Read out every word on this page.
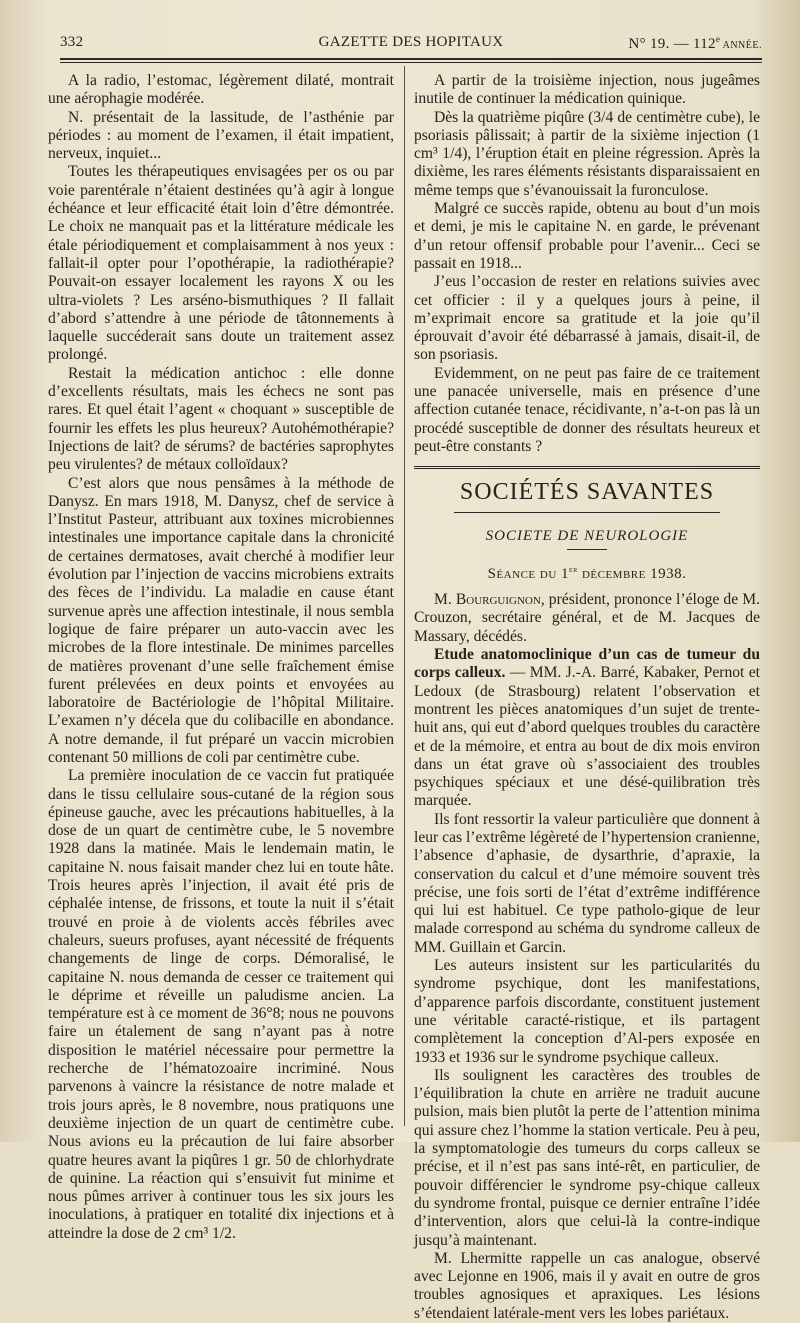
332	GAZETTE DES HOPITAUX	N° 19. — 112e ANNÉE.

A la radio, l’estomac, légèrement dilaté, montrait une aérophagie modérée.

N. présentait de la lassitude, de l’asthénie par périodes : au moment de l’examen, il était impatient, nerveux, inquiet...

Toutes les thérapeutiques envisagées per os ou par voie parentérale n’étaient destinées qu’à agir à longue échéance et leur efficacité était loin d’être démontrée. Le choix ne manquait pas et la littérature médicale les étale périodiquement et complaisamment à nos yeux : fallait-il opter pour l’opothérapie, la radiothérapie? Pouvait-on essayer localement les rayons X ou les ultra-violets ? Les arséno-bismuthiques ? Il fallait d’abord s’attendre à une période de tâtonnements à laquelle succéderait sans doute un traitement assez prolongé.

Restait la médication antichoc : elle donne d’excellents résultats, mais les échecs ne sont pas rares. Et quel était l’agent « choquant » susceptible de fournir les effets les plus heureux? Autohémothérapie? Injections de lait? de sérums? de bactéries saprophytes peu virulentes? de métaux colloïdaux?

C’est alors que nous pensâmes à la méthode de Danysz. En mars 1918, M. Danysz, chef de service à l’Institut Pasteur, attribuant aux toxines microbiennes intestinales une importance capitale dans la chronicité de certaines dermatoses, avait cherché à modifier leur évolution par l’injection de vaccins microbiens extraits des fèces de l’individu. La maladie en cause étant survenue après une affection intestinale, il nous sembla logique de faire préparer un auto-vaccin avec les microbes de la flore intestinale. De minimes parcelles de matières provenant d’une selle fraîchement émise furent prélevées en deux points et envoyées au laboratoire de Bactériologie de l’hôpital Militaire. L’examen n’y décela que du colibacille en abondance. A notre demande, il fut préparé un vaccin microbien contenant 50 millions de coli par centimètre cube.

La première inoculation de ce vaccin fut pratiquée dans le tissu cellulaire sous-cutané de la région sous épineuse gauche, avec les précautions habituelles, à la dose de un quart de centimètre cube, le 5 novembre 1928 dans la matinée. Mais le lendemain matin, le capitaine N. nous faisait mander chez lui en toute hâte. Trois heures après l’injection, il avait été pris de céphalée intense, de frissons, et toute la nuit il s’était trouvé en proie à de violents accès fébriles avec chaleurs, sueurs profuses, ayant nécessité de fréquents changements de linge de corps. Démoralisé, le capitaine N. nous demanda de cesser ce traitement qui le déprime et réveille un paludisme ancien. La température est à ce moment de 36°8; nous ne pouvons faire un étalement de sang n’ayant pas à notre disposition le matériel nécessaire pour permettre la recherche de l’hématozoaire incriminé. Nous parvenons à vaincre la résistance de notre malade et trois jours après, le 8 novembre, nous pratiquons une deuxième injection de un quart de centimètre cube. Nous avions eu la précaution de lui faire absorber quatre heures avant la piqûres 1 gr. 50 de chlorhydrate de quinine. La réaction qui s’ensuivit fut minime et nous pûmes arriver à continuer tous les six jours les inoculations, à pratiquer en totalité dix injections et à atteindre la dose de 2 cm³ 1/2.

A partir de la troisième injection, nous jugeâmes inutile de continuer la médication quinique.

Dès la quatrième piqûre (3/4 de centimètre cube), le psoriasis pâlissait; à partir de la sixième injection (1 cm³ 1/4), l’éruption était en pleine régression. Après la dixième, les rares éléments résistants disparaissaient en même temps que s’évanouissait la furonculose.

Malgré ce succès rapide, obtenu au bout d’un mois et demi, je mis le capitaine N. en garde, le prévenant d’un retour offensif probable pour l’avenir... Ceci se passait en 1918...

J’eus l’occasion de rester en relations suivies avec cet officier : il y a quelques jours à peine, il m’exprimait encore sa gratitude et la joie qu’il éprouvait d’avoir été débarrassé à jamais, disait-il, de son psoriasis.

Evidemment, on ne peut pas faire de ce traitement une panacée universelle, mais en présence d’une affection cutanée tenace, récidivante, n’a-t-on pas là un procédé susceptible de donner des résultats heureux et peut-être constants ?

SOCIÉTÉS SAVANTES
SOCIETE DE NEUROLOGIE
Séance du 1er décembre 1938.

M. Bourguignon, président, prononce l’éloge de M. Crouzon, secrétaire général, et de M. Jacques de Massary, décédés.

Etude anatomoclinique d’un cas de tumeur du corps calleux. — MM. J.-A. Barré, Kabaker, Pernot et Ledoux (de Strasbourg) relatent l’observation et montrent les pièces anatomiques d’un sujet de trente-huit ans, qui eut d’abord quelques troubles du caractère et de la mémoire, et entra au bout de dix mois environ dans un état grave où s’associaient des troubles psychiques spéciaux et une désé-quilibration très marquée.

Ils font ressortir la valeur particulière que donnent à leur cas l’extrême légèreté de l’hypertension cranienne, l’absence d’aphasie, de dysarthrie, d’apraxie, la conservation du calcul et d’une mémoire souvent très précise, une fois sorti de l’état d’extrême indifférence qui lui est habituel. Ce type patholo-gique de leur malade correspond au schéma du syndrome calleux de MM. Guillain et Garcin.

Les auteurs insistent sur les particularités du syndrome psychique, dont les manifestations, d’apparence parfois discordante, constituent justement une véritable caracté-ristique, et ils partagent complètement la conception d’Al-pers exposée en 1933 et 1936 sur le syndrome psychique calleux.

Ils soulignent les caractères des troubles de l’équilibration la chute en arrière ne traduit aucune pulsion, mais bien plutôt la perte de l’attention minima qui assure chez l’homme la station verticale. Peu à peu, la symptomatologie des tumeurs du corps calleux se précise, et il n’est pas sans inté-rêt, en particulier, de pouvoir différencier le syndrome psy-chique calleux du syndrome frontal, puisque ce dernier entraîne l’idée d’intervention, alors que celui-là la contre-indique jusqu’à maintenant.

M. Lhermitte rappelle un cas analogue, observé avec Lejonne en 1906, mais il y avait en outre de gros troubles agnosiques et apraxiques. Les lésions s’étendaient latérale-ment vers les lobes pariétaux.
